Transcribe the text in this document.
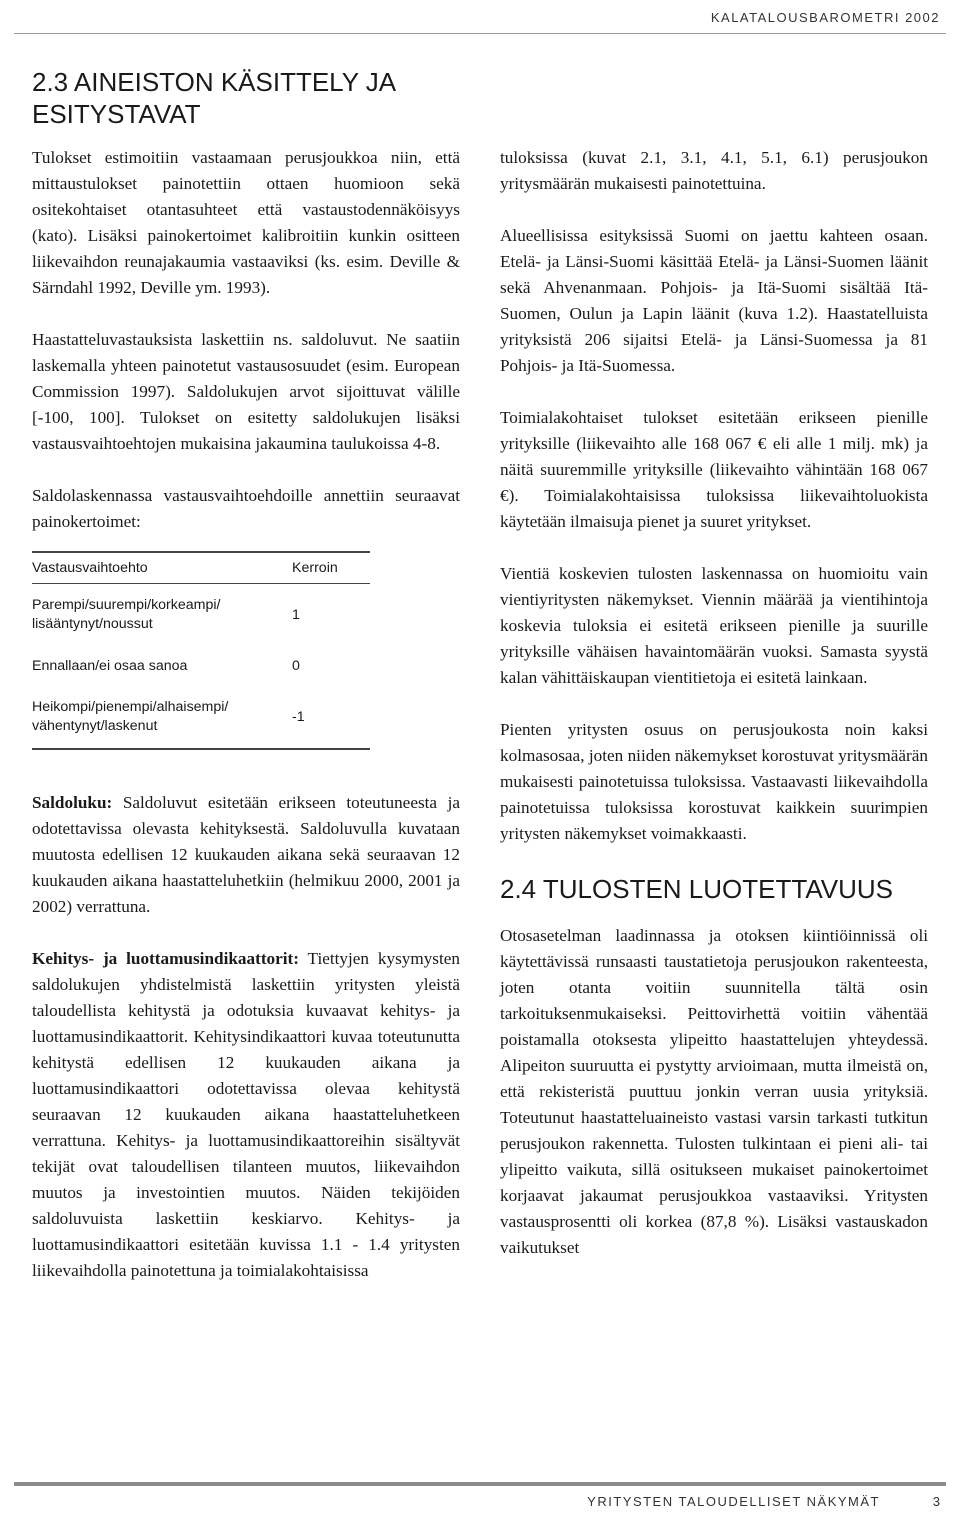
KALATALOUSBAROMETRI 2002
2.3 AINEISTON KÄSITTELY JA ESITYSTAVAT

Tulokset estimoitiin vastaamaan perusjoukkoa niin, että mittaustulokset painotettiin ottaen huomioon sekä ositekohtaiset otantasuhteet että vastaustodennäköisyys (kato). Lisäksi painokertoimet kalibroitiin kunkin ositteen liikevaihdon reunajakaumia vastaaviksi (ks. esim. Deville & Särndahl 1992, Deville ym. 1993).

Haastatteluvastauksista laskettiin ns. saldoluvut. Ne saatiin laskemalla yhteen painotetut vastausosuudet (esim. European Commission 1997). Saldolukujen arvot sijoittuvat välille [-100, 100]. Tulokset on esitetty saldolukujen lisäksi vastausvaihtoehtojen mukaisina jakaumina taulukoissa 4-8.

Saldolaskennassa vastausvaihtoehdoille annettiin seuraavat painokertoimet:

Vastausvaihtoehto	Kerroin
Parempi/suurempi/korkeampi/ lisääntynyt/noussut	1
Ennallaan/ei osaa sanoa	0
Heikompi/pienempi/alhaisempi/ vähentynyt/laskenut	-1

Saldoluku: Saldoluvut esitetään erikseen toteutuneesta ja odotettavissa olevasta kehityksestä. Saldoluvulla kuvataan muutosta edellisen 12 kuukauden aikana sekä seuraavan 12 kuukauden aikana haastatteluhetkiin (helmikuu 2000, 2001 ja 2002) verrattuna.

Kehitys- ja luottamusindikaattorit: Tiettyjen kysymysten saldolukujen yhdistelmistä laskettiin yritysten yleistä taloudellista kehitystä ja odotuksia kuvaavat kehitys- ja luottamusindikaattorit. Kehitysindikaattori kuvaa toteutunutta kehitystä edellisen 12 kuukauden aikana ja luottamusindikaattori odotettavissa olevaa kehitystä seuraavan 12 kuukauden aikana haastatteluhetkeen verrattuna. Kehitys- ja luottamusindikaattoreihin sisältyvät tekijät ovat taloudellisen tilanteen muutos, liikevaihdon muutos ja investointien muutos. Näiden tekijöiden saldoluvuista laskettiin keskiarvo. Kehitys- ja luottamusindikaattori esitetään kuvissa 1.1 - 1.4 yritysten liikevaihdolla painotettuna ja toimialakohtaisissa

tuloksissa (kuvat 2.1, 3.1, 4.1, 5.1, 6.1) perusjoukon yritysmäärän mukaisesti painotettuina.

Alueellisissa esityksissä Suomi on jaettu kahteen osaan. Etelä- ja Länsi-Suomi käsittää Etelä- ja Länsi-Suomen läänit sekä Ahvenanmaan. Pohjois- ja Itä-Suomi sisältää Itä-Suomen, Oulun ja Lapin läänit (kuva 1.2). Haastatelluista yrityksistä 206 sijaitsi Etelä- ja Länsi-Suomessa ja 81 Pohjois- ja Itä-Suomessa.

Toimialakohtaiset tulokset esitetään erikseen pienille yrityksille (liikevaihto alle 168 067 € eli alle 1 milj. mk) ja näitä suuremmille yrityksille (liikevaihto vähintään 168 067 €). Toimialakohtaisissa tuloksissa liikevaihtoluokista käytetään ilmaisuja pienet ja suuret yritykset.

Vientiä koskevien tulosten laskennassa on huomioitu vain vientiyritysten näkemykset. Viennin määrää ja vientihintoja koskevia tuloksia ei esitetä erikseen pienille ja suurille yrityksille vähäisen havaintomäärän vuoksi. Samasta syystä kalan vähittäiskaupan vientitietoja ei esitetä lainkaan.

Pienten yritysten osuus on perusjoukosta noin kaksi kolmasosaa, joten niiden näkemykset korostuvat yritysmäärän mukaisesti painotetuissa tuloksissa. Vastaavasti liikevaihdolla painotetuissa tuloksissa korostuvat kaikkein suurimpien yritysten näkemykset voimakkaasti.

2.4 TULOSTEN LUOTETTAVUUS

Otosasetelman laadinnassa ja otoksen kiintiöinnissä oli käytettävissä runsaasti taustatietoja perusjoukon rakenteesta, joten otanta voitiin suunnitella tältä osin tarkoituksenmukaiseksi. Peittovirhettä voitiin vähentää poistamalla otoksesta ylipeitto haastattelujen yhteydessä. Alipeiton suuruutta ei pystytty arvioimaan, mutta ilmeistä on, että rekisteristä puuttuu jonkin verran uusia yrityksiä. Toteutunut haastatteluaineisto vastasi varsin tarkasti tutkitun perusjoukon rakennetta. Tulosten tulkintaan ei pieni ali- tai ylipeitto vaikuta, sillä ositukseen mukaiset painokertoimet korjaavat jakaumat perusjoukkoa vastaaviksi. Yritysten vastausprosentti oli korkea (87,8 %). Lisäksi vastauskadon vaikutukset

YRITYSTEN TALOUDELLISET NÄKYMÄT	3
